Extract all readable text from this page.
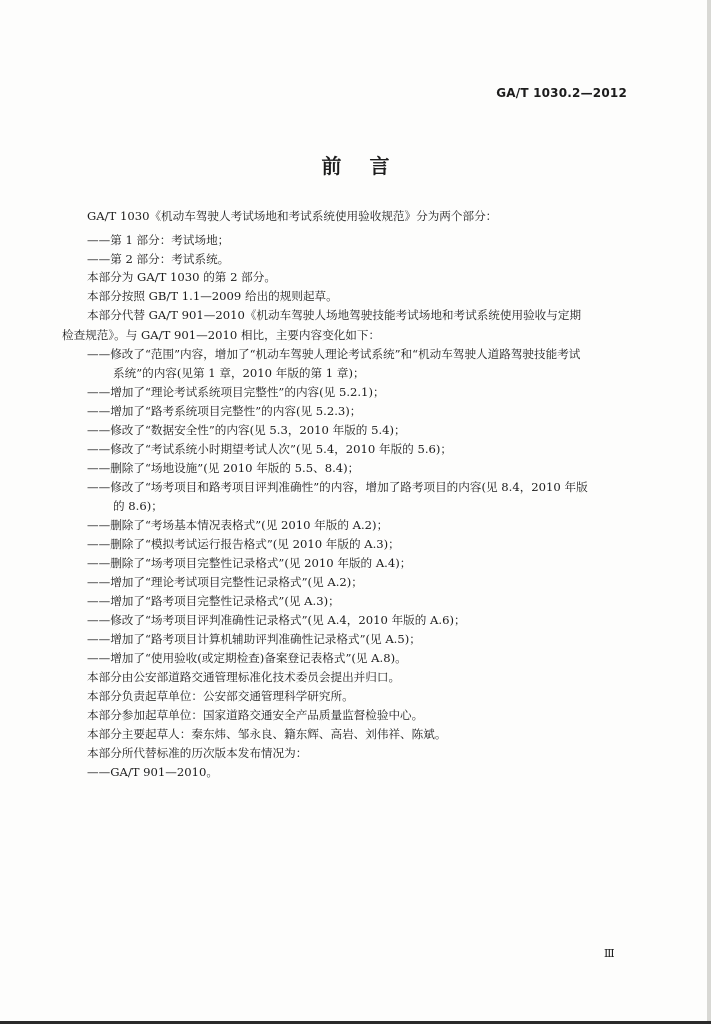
GA/T 1030.2—2012
前言
GA/T 1030《机动车驾驶人考试场地和考试系统使用验收规范》分为两个部分：
——第 1 部分：考试场地；
——第 2 部分：考试系统。
本部分为 GA/T 1030 的第 2 部分。
本部分按照 GB/T 1.1—2009 给出的规则起草。
本部分代替 GA/T 901—2010《机动车驾驶人场地驾驶技能考试场地和考试系统使用验收与定期
检查规范》。与 GA/T 901—2010 相比，主要内容变化如下：
——修改了“范围”内容，增加了“机动车驾驶人理论考试系统”和“机动车驾驶人道路驾驶技能考试
系统”的内容(见第 1 章，2010 年版的第 1 章)；
——增加了“理论考试系统项目完整性”的内容(见 5.2.1)；
——增加了“路考系统项目完整性”的内容(见 5.2.3)；
——修改了“数据安全性”的内容(见 5.3，2010 年版的 5.4)；
——修改了“考试系统小时期望考试人次”(见 5.4，2010 年版的 5.6)；
——删除了“场地设施”(见 2010 年版的 5.5、8.4)；
——修改了“场考项目和路考项目评判准确性”的内容，增加了路考项目的内容(见 8.4，2010 年版
的 8.6)；
——删除了“考场基本情况表格式”(见 2010 年版的 A.2)；
——删除了“模拟考试运行报告格式”(见 2010 年版的 A.3)；
——删除了“场考项目完整性记录格式”(见 2010 年版的 A.4)；
——增加了“理论考试项目完整性记录格式”(见 A.2)；
——增加了“路考项目完整性记录格式”(见 A.3)；
——修改了“场考项目评判准确性记录格式”(见 A.4，2010 年版的 A.6)；
——增加了“路考项目计算机辅助评判准确性记录格式”(见 A.5)；
——增加了“使用验收(或定期检查)备案登记表格式”(见 A.8)。
本部分由公安部道路交通管理标准化技术委员会提出并归口。
本部分负责起草单位：公安部交通管理科学研究所。
本部分参加起草单位：国家道路交通安全产品质量监督检验中心。
本部分主要起草人：秦东炜、邹永良、籍东辉、高岩、刘伟祥、陈斌。
本部分所代替标准的历次版本发布情况为：
——GA/T 901—2010。
Ⅲ
